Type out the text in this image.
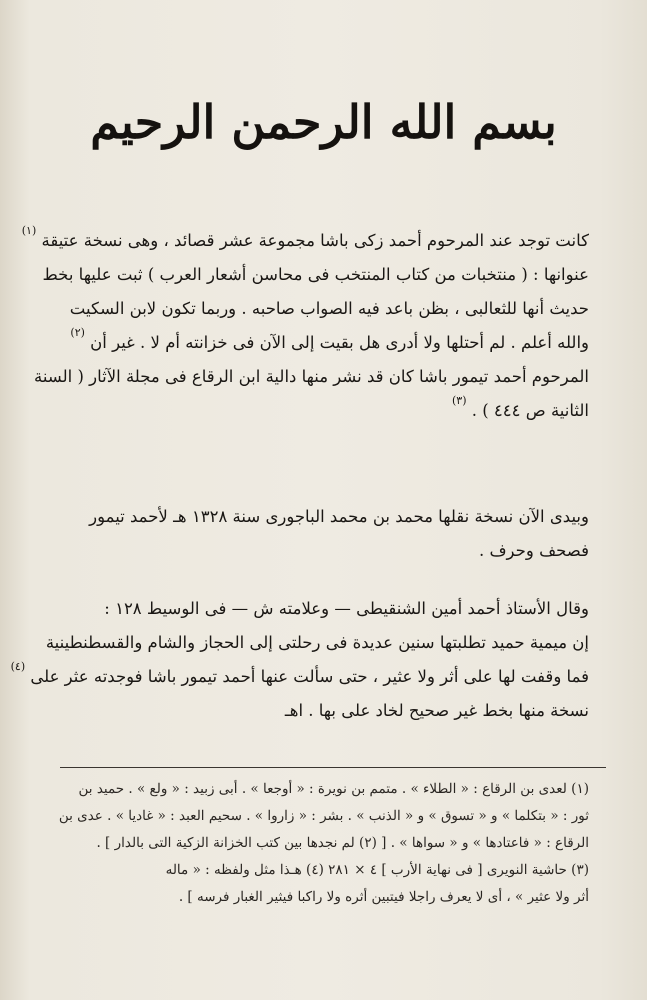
بسم الله الرحمن الرحيم
كانت توجد عند المرحوم أحمد زكى باشا مجموعة عشر قصائد ، وهى نسخة عتيقة $^{(١)}$
عنوانها : ( منتخبات من كتاب المنتخب فى محاسن أشعار العرب ) ثبت عليها بخط
حديث أنها للثعالبى ، بظن باعد فيه الصواب صاحبه . وربما تكون لابن السكيت
والله أعلم . لم أحتلها ولا أدرى هل بقيت إلى الآن فى خزانته أم لا . غير أن $^{(٢)}$
المرحوم أحمد تيمور باشا كان قد نشر منها دالية ابن الرقاع فى مجلة الآثار ( السنة
الثانية ص ٤٤٤ ) . $^{(٣)}$
وبيدى الآن نسخة نقلها محمد بن محمد الباجورى سنة ١٣٢٨ هـ لأحمد تيمور
فصحف وحرف .
وقال الأستاذ أحمد أمين الشنقيطى — وعلامته ش — فى الوسيط ١٢٨ :
إن ميمية حميد تطلبتها سنين عديدة فى رحلتى إلى الحجاز والشام والقسطنطينية
فما وقفت لها على أثر ولا عثير ، حتى سألت عنها أحمد تيمور باشا فوجدته عثر على $^{(٤)}$
نسخة منها بخط غير صحيح لخاد على بها . اهـ
(١) لعدى بن الرقاع : « الطلاء » . متمم بن نويرة : « أوجعا » . أبى زبيد : « ولع » . حميد بن
ثور : « بتكلما » و « تسوق » و « الذنب » . بشر : « زاروا » . سحيم العبد : « غاديا » . عدى بن
الرقاع : « فاعتادها » و « سواها » . [ (٢) لم نجدها بين كتب الخزانة الزكية التى بالدار ] .
(٣) حاشية النويرى [ فى نهاية الأرب ] ٤ × ٢٨١ (٤) هـذا مثل ولفظه : « ماله
أثر ولا عثير » ، أى لا يعرف راجلا فيتبين أثره ولا راكبا فيثير الغبار فرسه ] .
